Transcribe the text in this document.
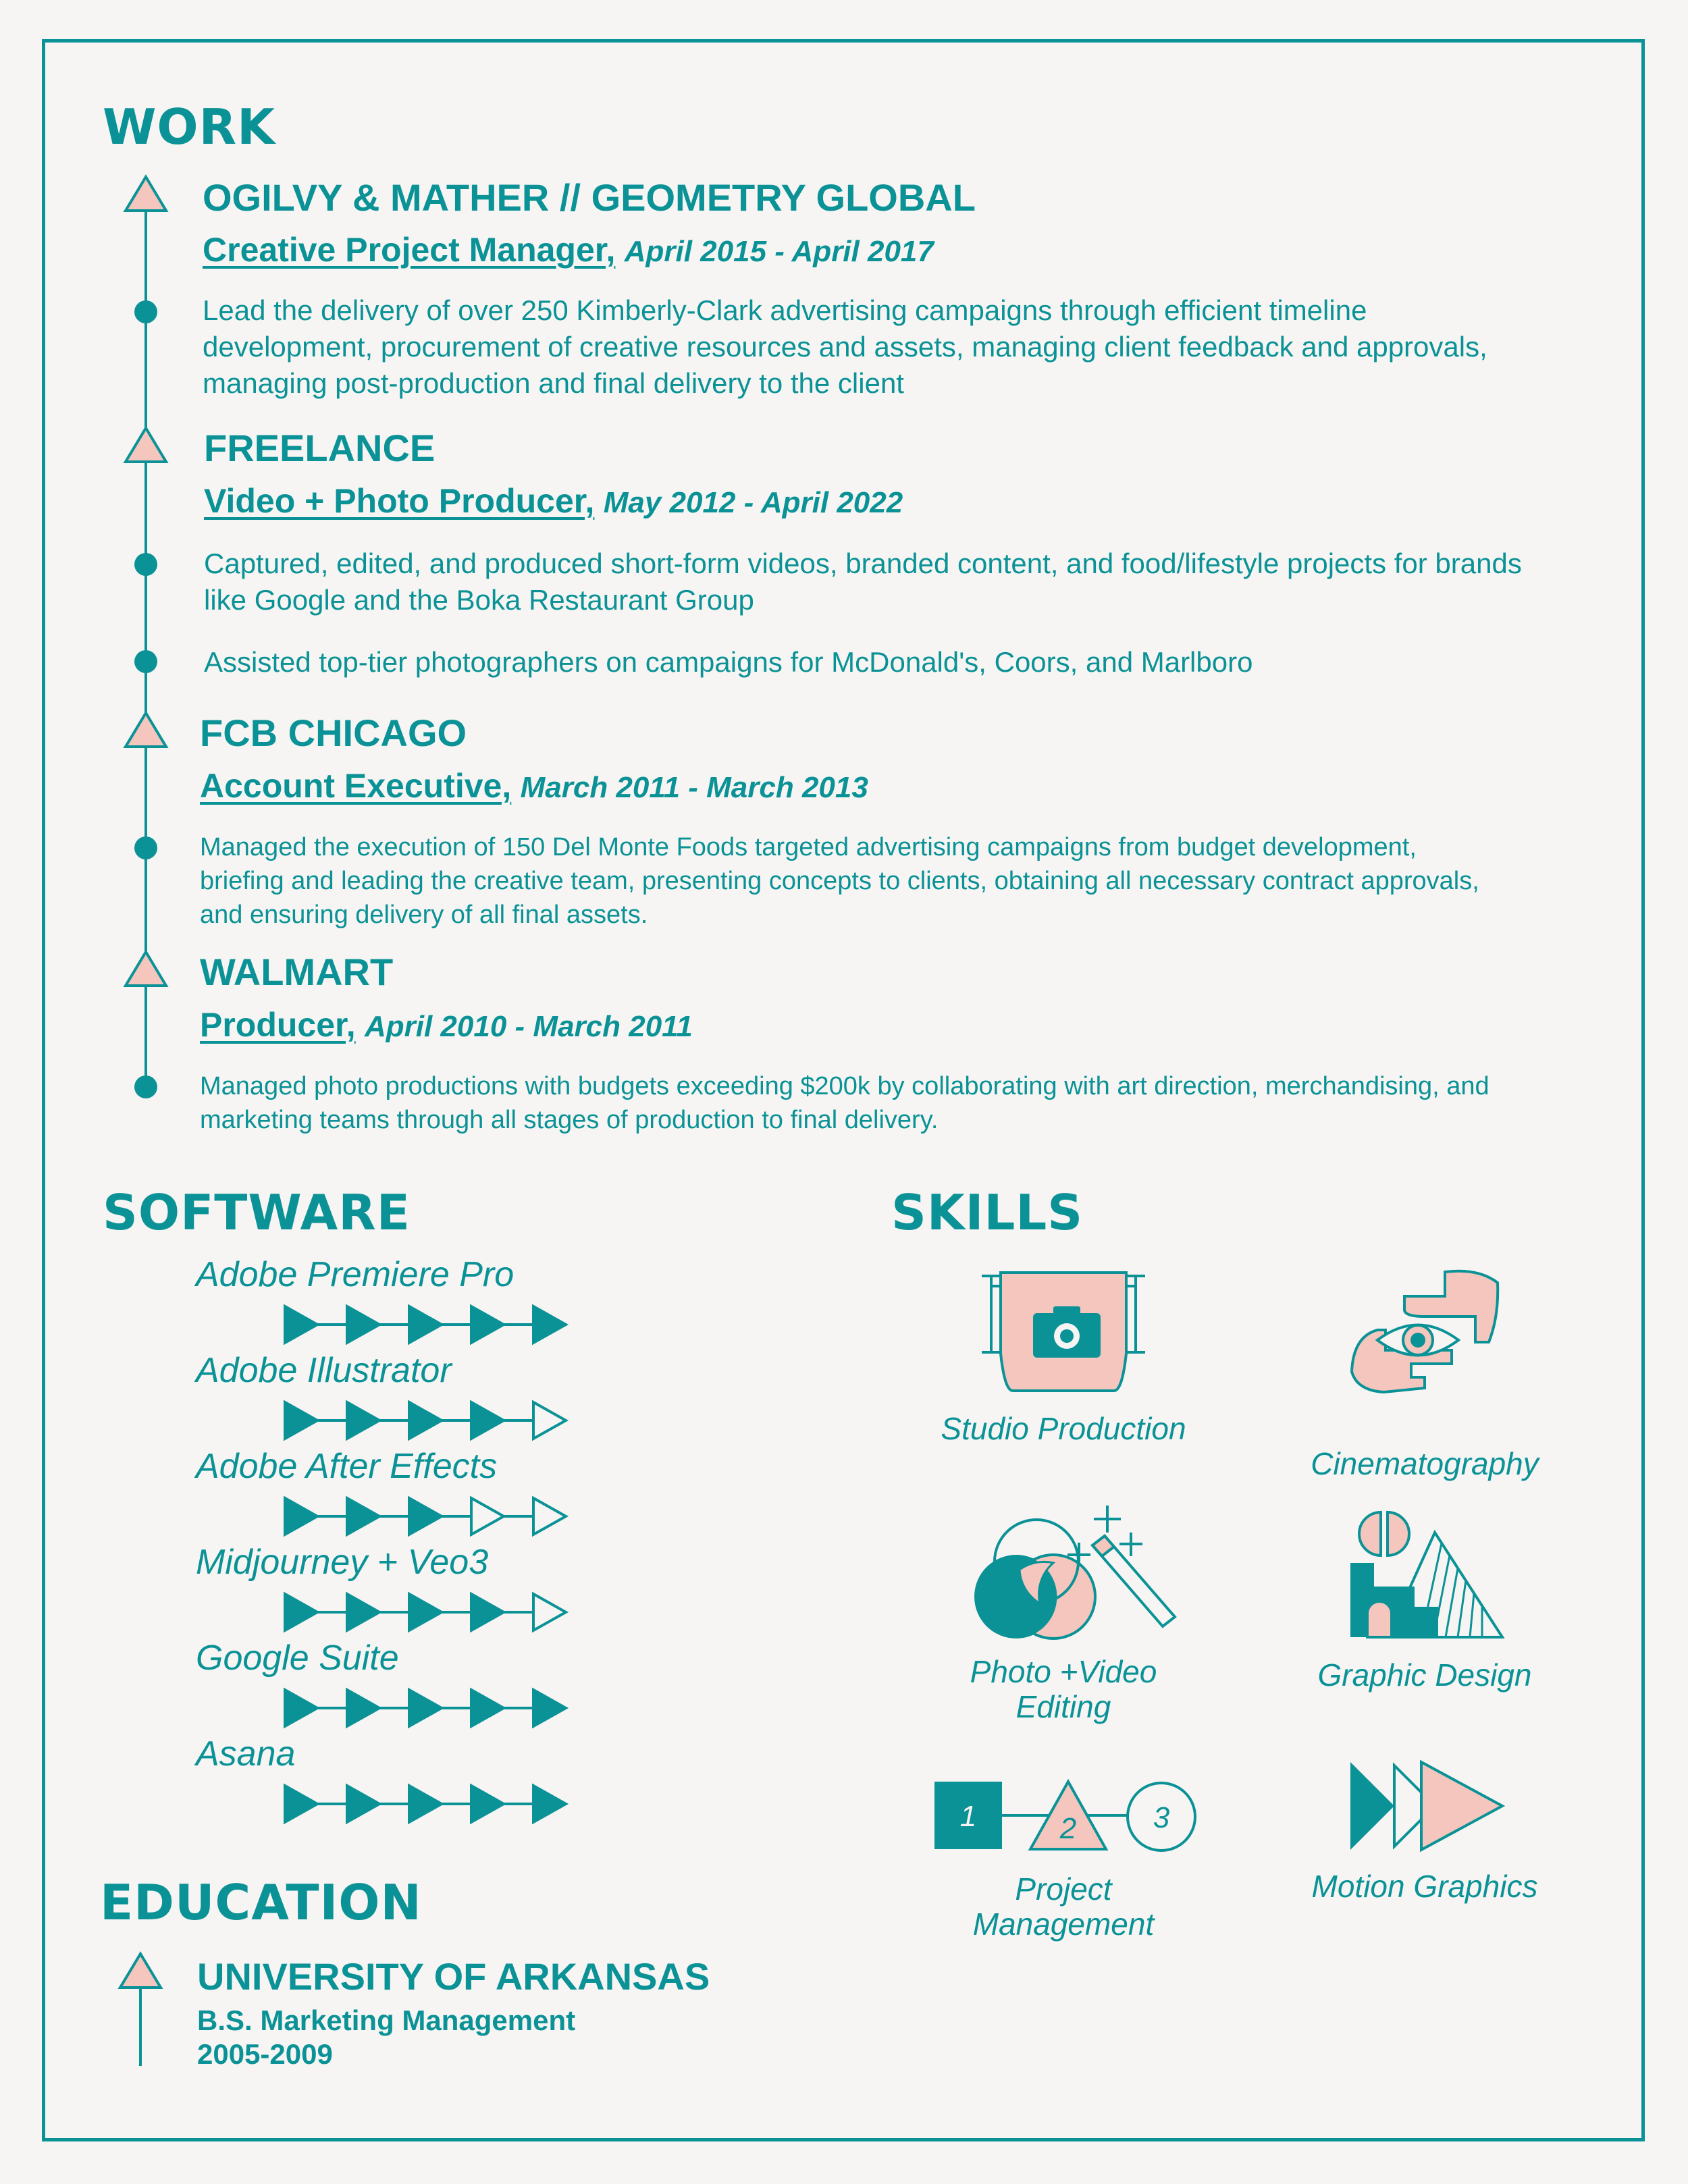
WORK
OGILVY & MATHER // GEOMETRY GLOBAL
Creative Project Manager, April 2015 - April 2017
Lead the delivery of over 250 Kimberly-Clark advertising campaigns through efficient timeline development, procurement of creative resources and assets, managing client feedback and approvals, managing post-production and final delivery to the client
FREELANCE
Video + Photo Producer, May 2012 - April 2022
Captured, edited, and produced short-form videos, branded content, and food/lifestyle projects for brands like Google and the Boka Restaurant Group
Assisted top-tier photographers on campaigns for McDonald's, Coors, and Marlboro
FCB CHICAGO
Account Executive, March 2011 - March 2013
Managed the execution of 150 Del Monte Foods targeted advertising campaigns from budget development, briefing and leading the creative team, presenting concepts to clients, obtaining all necessary contract approvals, and ensuring delivery of all final assets.
WALMART
Producer, April 2010 - March 2011
Managed photo productions with budgets exceeding $200k by collaborating with art direction, merchandising, and marketing teams through all stages of production to final delivery.
SOFTWARE
Adobe Premiere Pro
Adobe Illustrator
Adobe After Effects
Midjourney + Veo3
Google Suite
Asana
EDUCATION
UNIVERSITY OF ARKANSAS
B.S. Marketing Management
2005-2009
SKILLS
Studio Production
Cinematography
Photo +Video Editing
Graphic Design
1	2	3
Project Management
Motion Graphics
